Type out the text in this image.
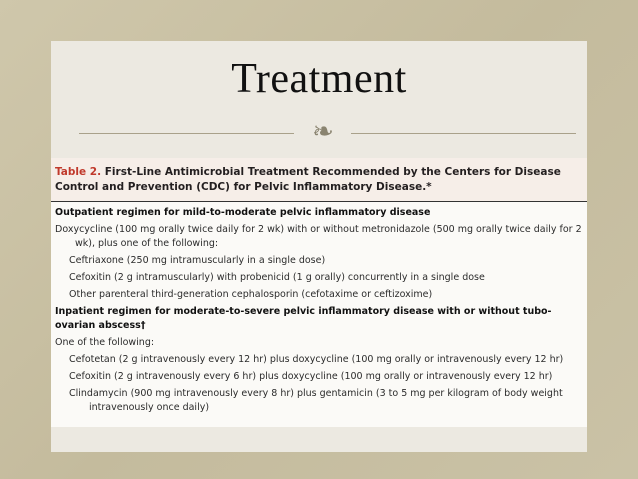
Treatment
❧
Table 2. First-Line Antimicrobial Treatment Recommended by the Centers for Disease Control and Prevention (CDC) for Pelvic Inflammatory Disease.*
Outpatient regimen for mild-to-moderate pelvic inflammatory disease
Doxycycline (100 mg orally twice daily for 2 wk) with or without metronidazole (500 mg orally twice daily for 2 wk), plus one of the following:
Ceftriaxone (250 mg intramuscularly in a single dose)
Cefoxitin (2 g intramuscularly) with probenicid (1 g orally) concurrently in a single dose
Other parenteral third-generation cephalosporin (cefotaxime or ceftizoxime)
Inpatient regimen for moderate-to-severe pelvic inflammatory disease with or without tubo-ovarian abscess†
One of the following:
Cefotetan (2 g intravenously every 12 hr) plus doxycycline (100 mg orally or intravenously every 12 hr)
Cefoxitin (2 g intravenously every 6 hr) plus doxycycline (100 mg orally or intravenously every 12 hr)
Clindamycin (900 mg intravenously every 8 hr) plus gentamicin (3 to 5 mg per kilogram of body weight intravenously once daily)
